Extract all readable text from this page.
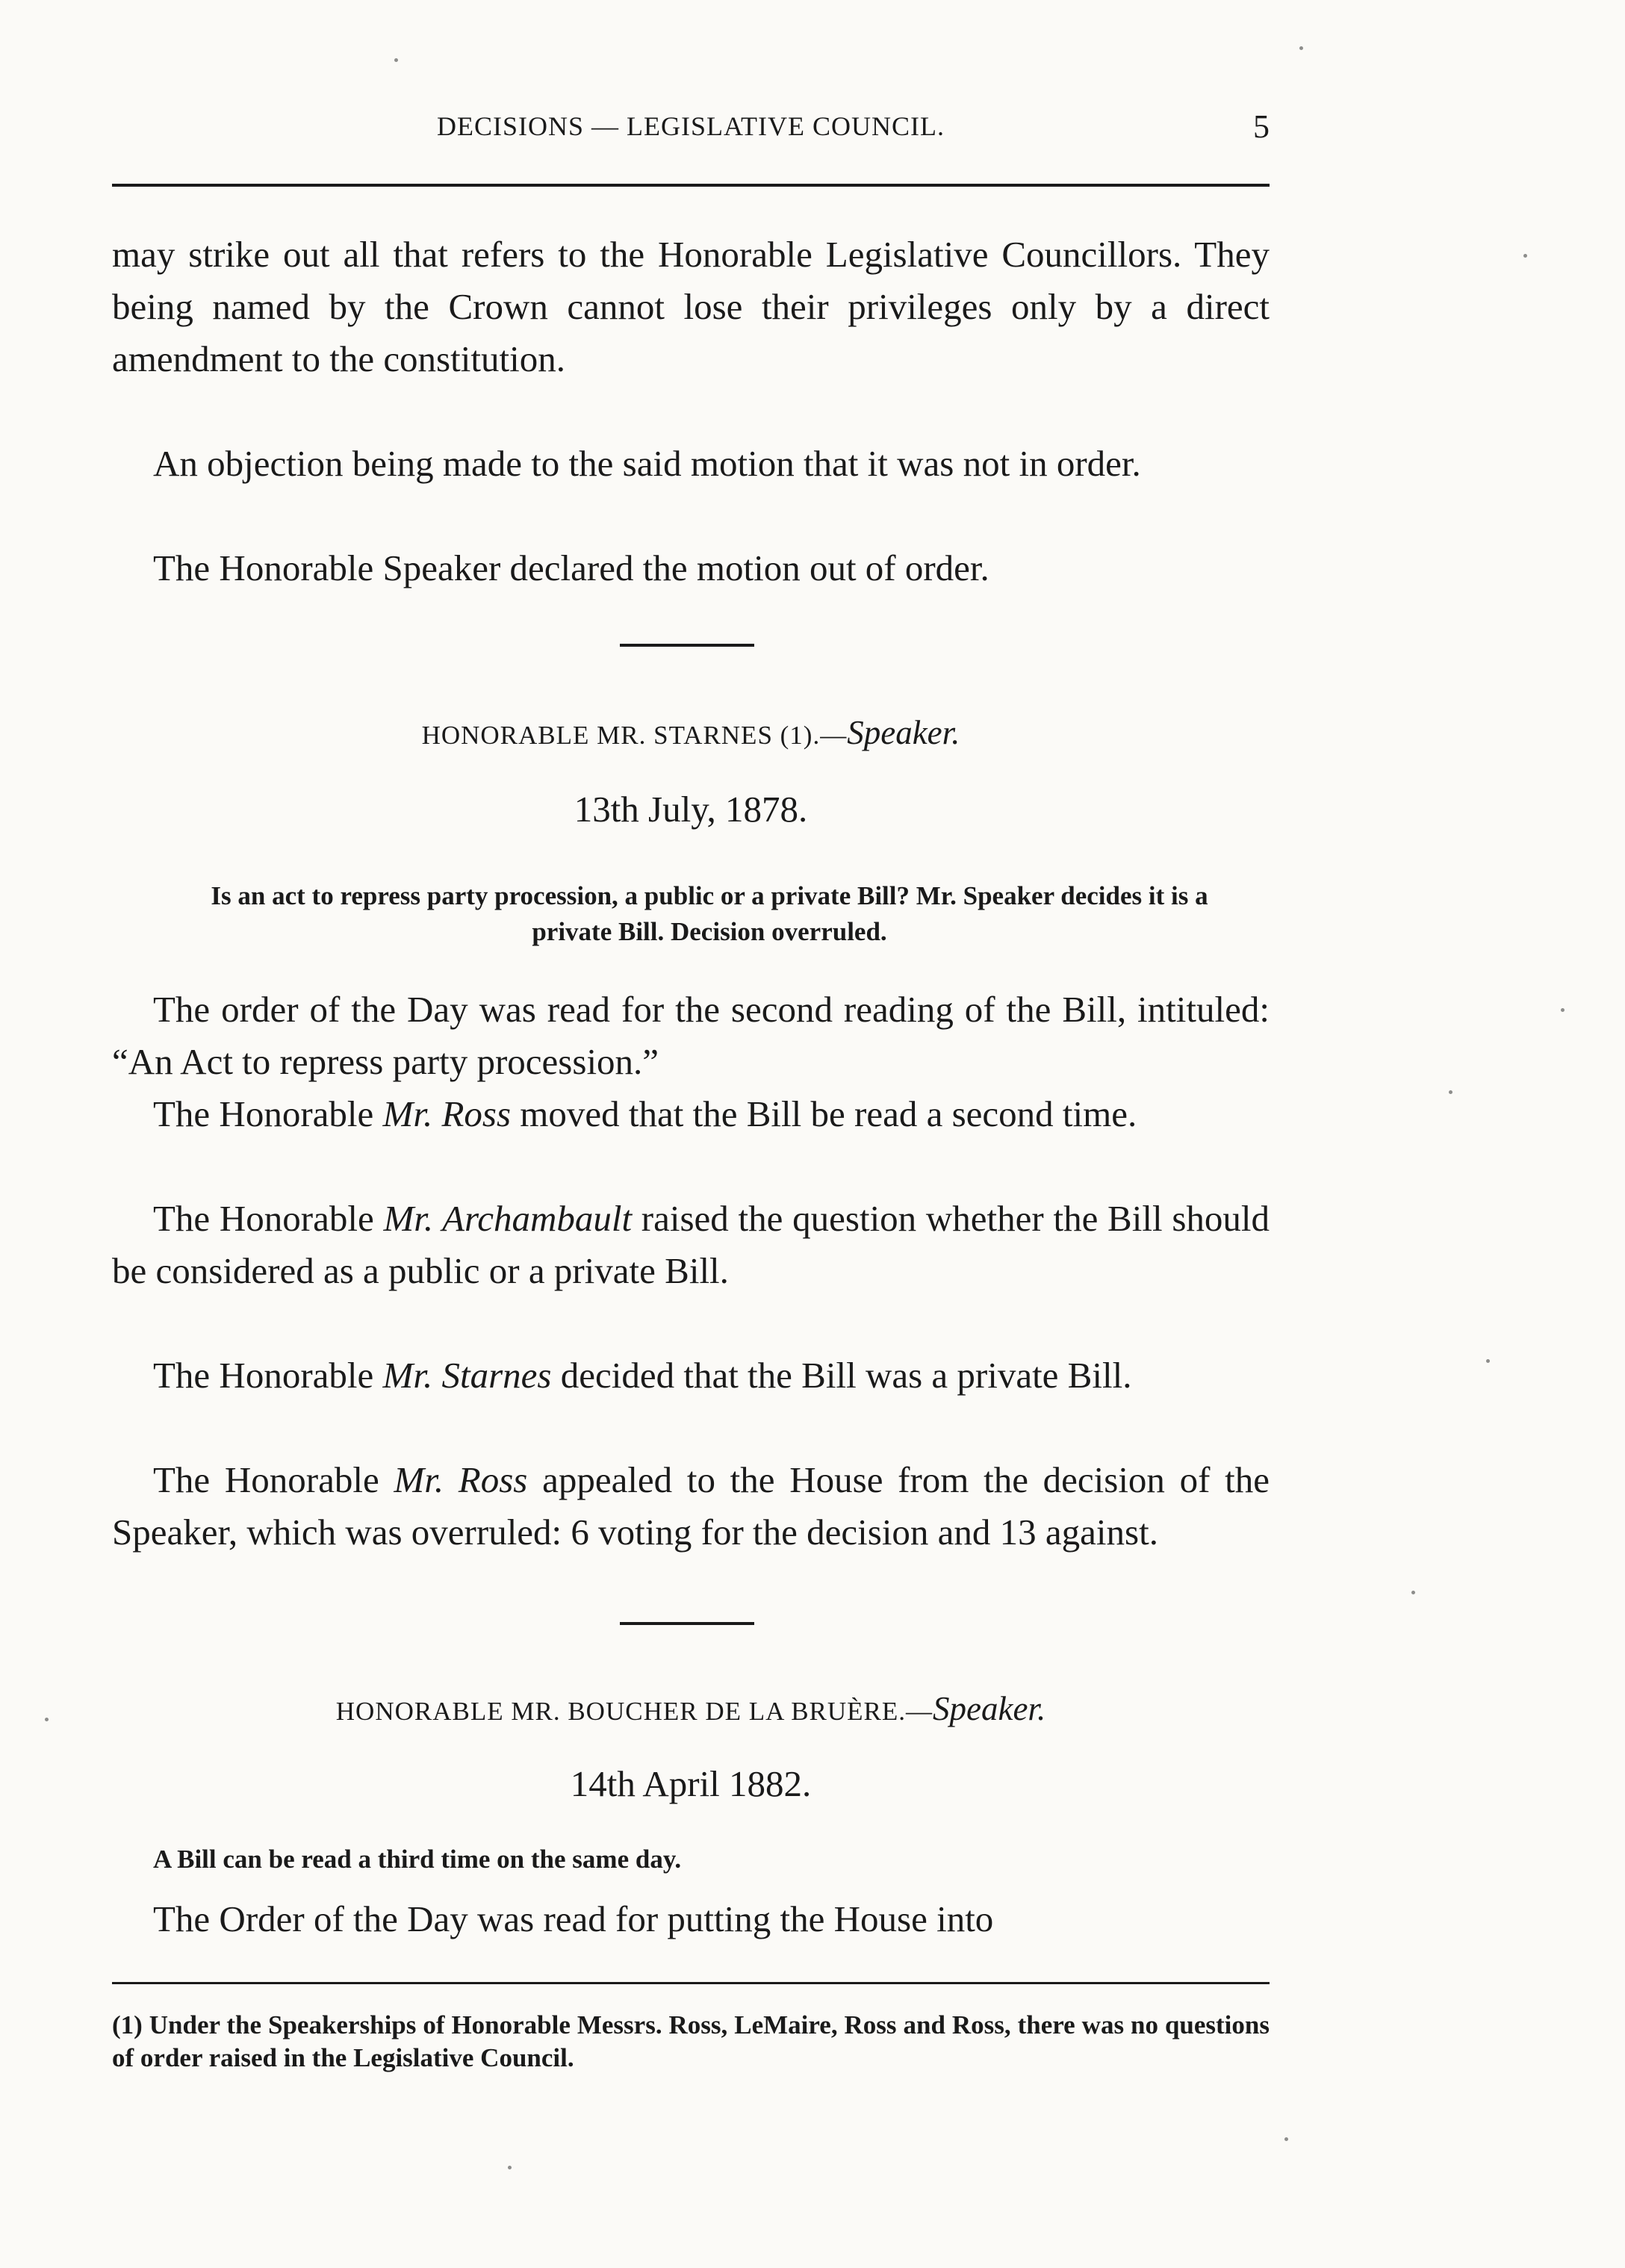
DECISIONS — LEGISLATIVE COUNCIL.	5

may strike out all that refers to the Honorable Legislative Councillors. They being named by the Crown cannot lose their privileges only by a direct amendment to the constitution.

An objection being made to the said motion that it was not in order.

The Honorable Speaker declared the motion out of order.

HONORABLE MR. STARNES (1).—Speaker.
13th July, 1878.

Is an act to repress party procession, a public or a private Bill? Mr. Speaker decides it is a private Bill. Decision overruled.

The order of the Day was read for the second reading of the Bill, intituled: “An Act to repress party procession.”

The Honorable Mr. Ross moved that the Bill be read a second time.

The Honorable Mr. Archambault raised the question whether the Bill should be considered as a public or a private Bill.

The Honorable Mr. Starnes decided that the Bill was a private Bill.

The Honorable Mr. Ross appealed to the House from the decision of the Speaker, which was overruled: 6 voting for the decision and 13 against.

HONORABLE MR. BOUCHER DE LA BRUÈRE.—Speaker.
14th April 1882.

A Bill can be read a third time on the same day.

The Order of the Day was read for putting the House into

(1) Under the Speakerships of Honorable Messrs. Ross, LeMaire, Ross and Ross, there was no questions of order raised in the Legislative Council.
